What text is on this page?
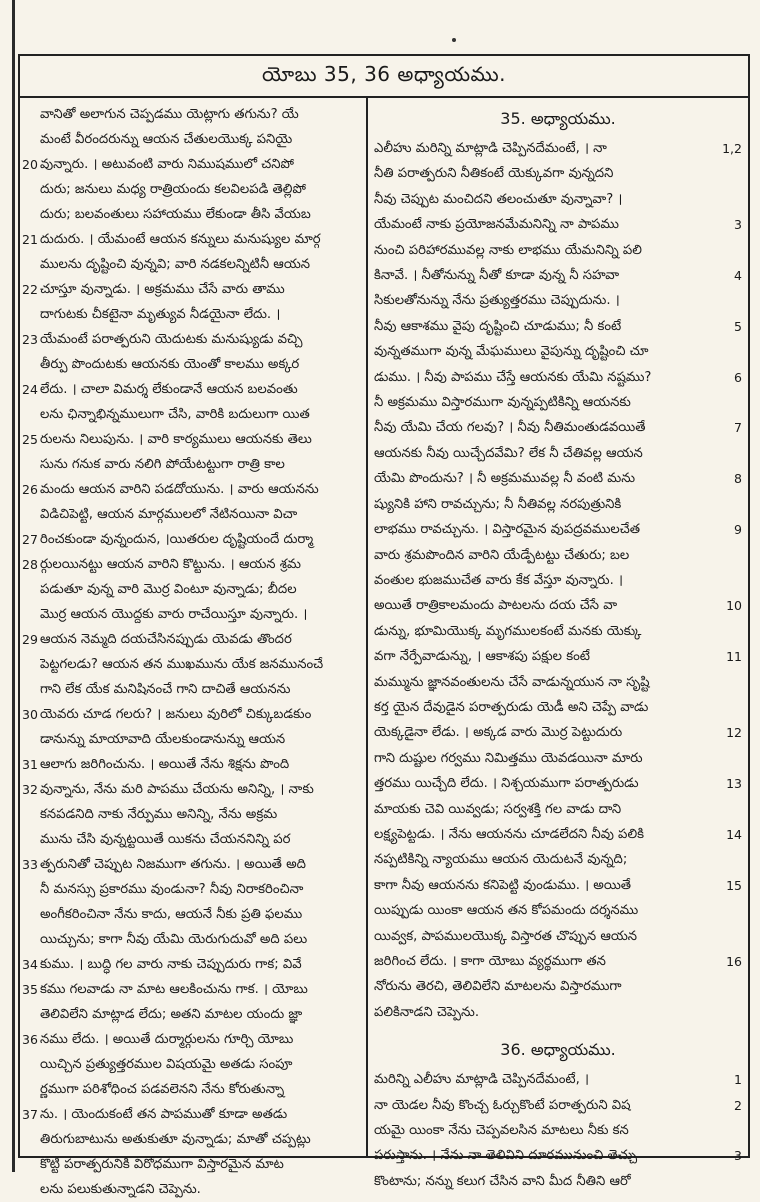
యోబు 35, 36 అధ్యాయము.
వానితో అలాగున చెప్పడము యెట్లాగు తగును? యే
మంటే వీరందరున్ను ఆయన చేతులయొక్క పనియై
20 వున్నారు. । అటువంటి వారు నిముషములో చనిపో
దురు; జనులు మధ్య రాత్రియందు కలవిలపడి తెల్లిపో
దురు; బలవంతులు సహాయము లేకుండా తీసి వేయబ
21 దుదురు. । యేమంటే ఆయన కన్నులు మనుష్యుల మార్గ
ములను దృష్టించి వున్నవి; వారి నడకలన్నిటినీ ఆయన
22 చూస్తూ వున్నాడు. । అక్రమము చేసే వారు తాము
దాగుటకు చీకటైనా మృత్యువ నీడయైనా లేదు. ।
23 యేమంటే పరాత్పరుని యెదుటకు మనుష్యుడు వచ్చి
తీర్పు పొందుటకు ఆయనకు యెంతో కాలము అక్కర
24 లేదు. । చాలా విమర్శ లేకుండానే ఆయన బలవంతు
లను ఛిన్నాభిన్నములుగా చేసి, వారికి బదులుగా యిత
25 రులను నిలుపును. । వారి కార్యములు ఆయనకు తెలు
సును గనుక వారు నలిగి పోయేటట్టుగా రాత్రి కాల
26 మందు ఆయన వారిని పడదోయును. । వారు ఆయనను
విడిచిపెట్టి, ఆయన మార్గములలో నేటినయినా విచా
27 రించకుండా వున్నందున, ।యితరుల దృష్టియందే దుర్మా
28 ర్గులయినట్టు ఆయన వారిని కొట్టును. । ఆయన శ్రమ
పడుతూ వున్న వారి మొర్ర వింటూ వున్నాడు; బీదల
మొర్ర ఆయన యొద్దకు వారు రాచేయిస్తూ వున్నారు. ।
29 ఆయన నెమ్మది దయచేసినప్పుడు యెవడు తొందర
పెట్టగలడు? ఆయన తన ముఖమును యేక జనమునంచే
గాని లేక యేక మనిషినంచే గాని దాచితే ఆయనను
30 యెవరు చూడ గలరు? । జనులు వురిలో చిక్కుబడకుం
డానున్ను మాయావాది యేలకుండానున్ను ఆయన
31 ఆలాగు జరిగించును. । అయితే నేను శిక్షను పొంది
32 వున్నాను, నేను మరి పాపము చేయను అనిన్ని, । నాకు
కనపడనిది నాకు నేర్పుము అనిన్ని, నేను అక్రమ
మును చేసి వున్నట్టయితే యికను చేయననిన్ని పర
33 త్పరునితో చెప్పుట నిజముగా తగును. । అయితే అది
నీ మనస్సు ప్రకారము వుండునా? నీవు నిరాకరించినా
అంగీకరించినా నేను కాదు, ఆయనే నీకు ప్రతి ఫలము
యిచ్చును; కాగా నీవు యేమి యెరుగుదువో అది పలు
34 కుము. । బుద్ధి గల వారు నాకు చెప్పుదురు గాక; వివే
35 కము గలవాడు నా మాట ఆలకించును గాక. । యోబు
తెలివిలేని మాట్లాడ లేదు; అతని మాటల యందు జ్ఞా
36 నము లేదు. । అయితే దుర్మార్గులను గూర్చి యోబు
యిచ్చిన ప్రత్యుత్తరముల విషయమై అతడు సంపూ
ర్ణముగా పరిశోధించ పడవలెనని నేను కోరుతున్నా
37 ను. । యెందుకంటే తన పాపముతో కూడా అతడు
తిరుగుబాటును అతుకుతూ వున్నాడు; మాతో చప్పట్లు
కొట్టి పరాత్పరునికి విరోధముగా విస్తారమైన మాట
లను పలుకుతున్నాడని చెప్పెను.
35. అధ్యాయము.
ఎలీహు మరిన్ని మాట్లాడి చెప్పినదేమంటే, । నా	1,2
నీతి పరాత్పరుని నీతికంటే యెక్కువగా వున్నదని
నీవు చెప్పుట మంచిదని తలంచుతూ వున్నావా? ।
యేమంటే నాకు ప్రయోజనమేమనిన్ని నా పాపము	3
నుంచి పరిహారమువల్ల నాకు లాభము యేమనిన్ని పలి
కినావే. । నీతోనున్ను నీతో కూడా వున్న నీ సహవా	4
సికులతోనున్ను నేను ప్రత్యుత్తరము చెప్పుదును. ।
నీవు ఆకాశము వైపు దృష్టించి చూడుము; నీ కంటే	5
వున్నతముగా వున్న మేఘములు వైపున్ను దృష్టించి చూ
డుము. । నీవు పాపము చేస్తే ఆయనకు యేమి నష్టము?	6
నీ అక్రమము విస్తారముగా వున్నప్పటికిన్ని ఆయనకు
నీవు యేమి చేయ గలవు? । నీవు నీతిమంతుడవయితే	7
ఆయనకు నీవు యిచ్చేదవేమి? లేక నీ చేతివల్ల ఆయన
యేమి పొందును? । నీ అక్రమమువల్ల నీ వంటి మను	8
ష్యునికి హాని రావచ్చును; నీ నీతివల్ల నరపుత్రునికి
లాభము రావచ్చును. । విస్తారమైన వుపద్రవములచేత	9
వారు శ్రమపొందిన వారిని యేడ్పేటట్టు చేతురు; బల
వంతుల భుజముచేత వారు కేక వేస్తూ వున్నారు. ।
అయితే రాత్రికాలమందు పాటలను దయ చేసే వా	10
డున్ను, భూమియొక్క మృగములకంటే మనకు యెక్కు
వగా నేర్పేవాడున్ను, । ఆకాశపు పక్షుల కంటే	11
మమ్మును జ్ఞానవంతులను చేసే వాడున్నయున నా సృష్టి
కర్త యైన దేవుడైన పరాత్పరుడు యెడీ అని చెప్పే వాడు
యెక్కడైనా లేడు. । అక్కడ వారు మొర్ర పెట్టుదురు	12
గాని దుష్టుల గర్వము నిమిత్తము యెవడయినా మారు
త్తరము యిచ్చేది లేదు. । నిశ్చయముగా పరాత్పరుడు	13
మాయకు చెవి యివ్వడు; సర్వశక్తి గల వాడు దాని
లక్ష్యపెట్టడు. । నేను ఆయనను చూడలేదని నీవు పలికి	14
నప్పటికిన్ని న్యాయము ఆయన యెదుటనే వున్నది;
కాగా నీవు ఆయనను కనిపెట్టి వుండుము. । అయితే	15
యిప్పుడు యింకా ఆయన తన కోపమందు దర్శనము
యివ్వక, పాపములయొక్క విస్తారత చొప్పున ఆయన
జరిగించ లేదు. । కాగా యోబు వ్యర్థముగా తన	16
నోరును తెరచి, తెలివిలేని మాటలను విస్తారముగా
పలికినాడని చెప్పెను.
36. అధ్యాయము.
మరిన్ని ఎలీహు మాట్లాడి చెప్పినదేమంటే, ।	1
నా యెడల నీవు కొంచ్చ ఓర్చుకొంటే పరాత్పరుని విష	2
యమై యింకా నేను చెప్పవలసిన మాటలు నీకు కన
పరుస్తాను. । నేను నా తెలివిని దూరమునుంచి తెచ్చు	3
కొంటాను; నన్ను కలుగ చేసిన వాని మీద నీతిని ఆరో
